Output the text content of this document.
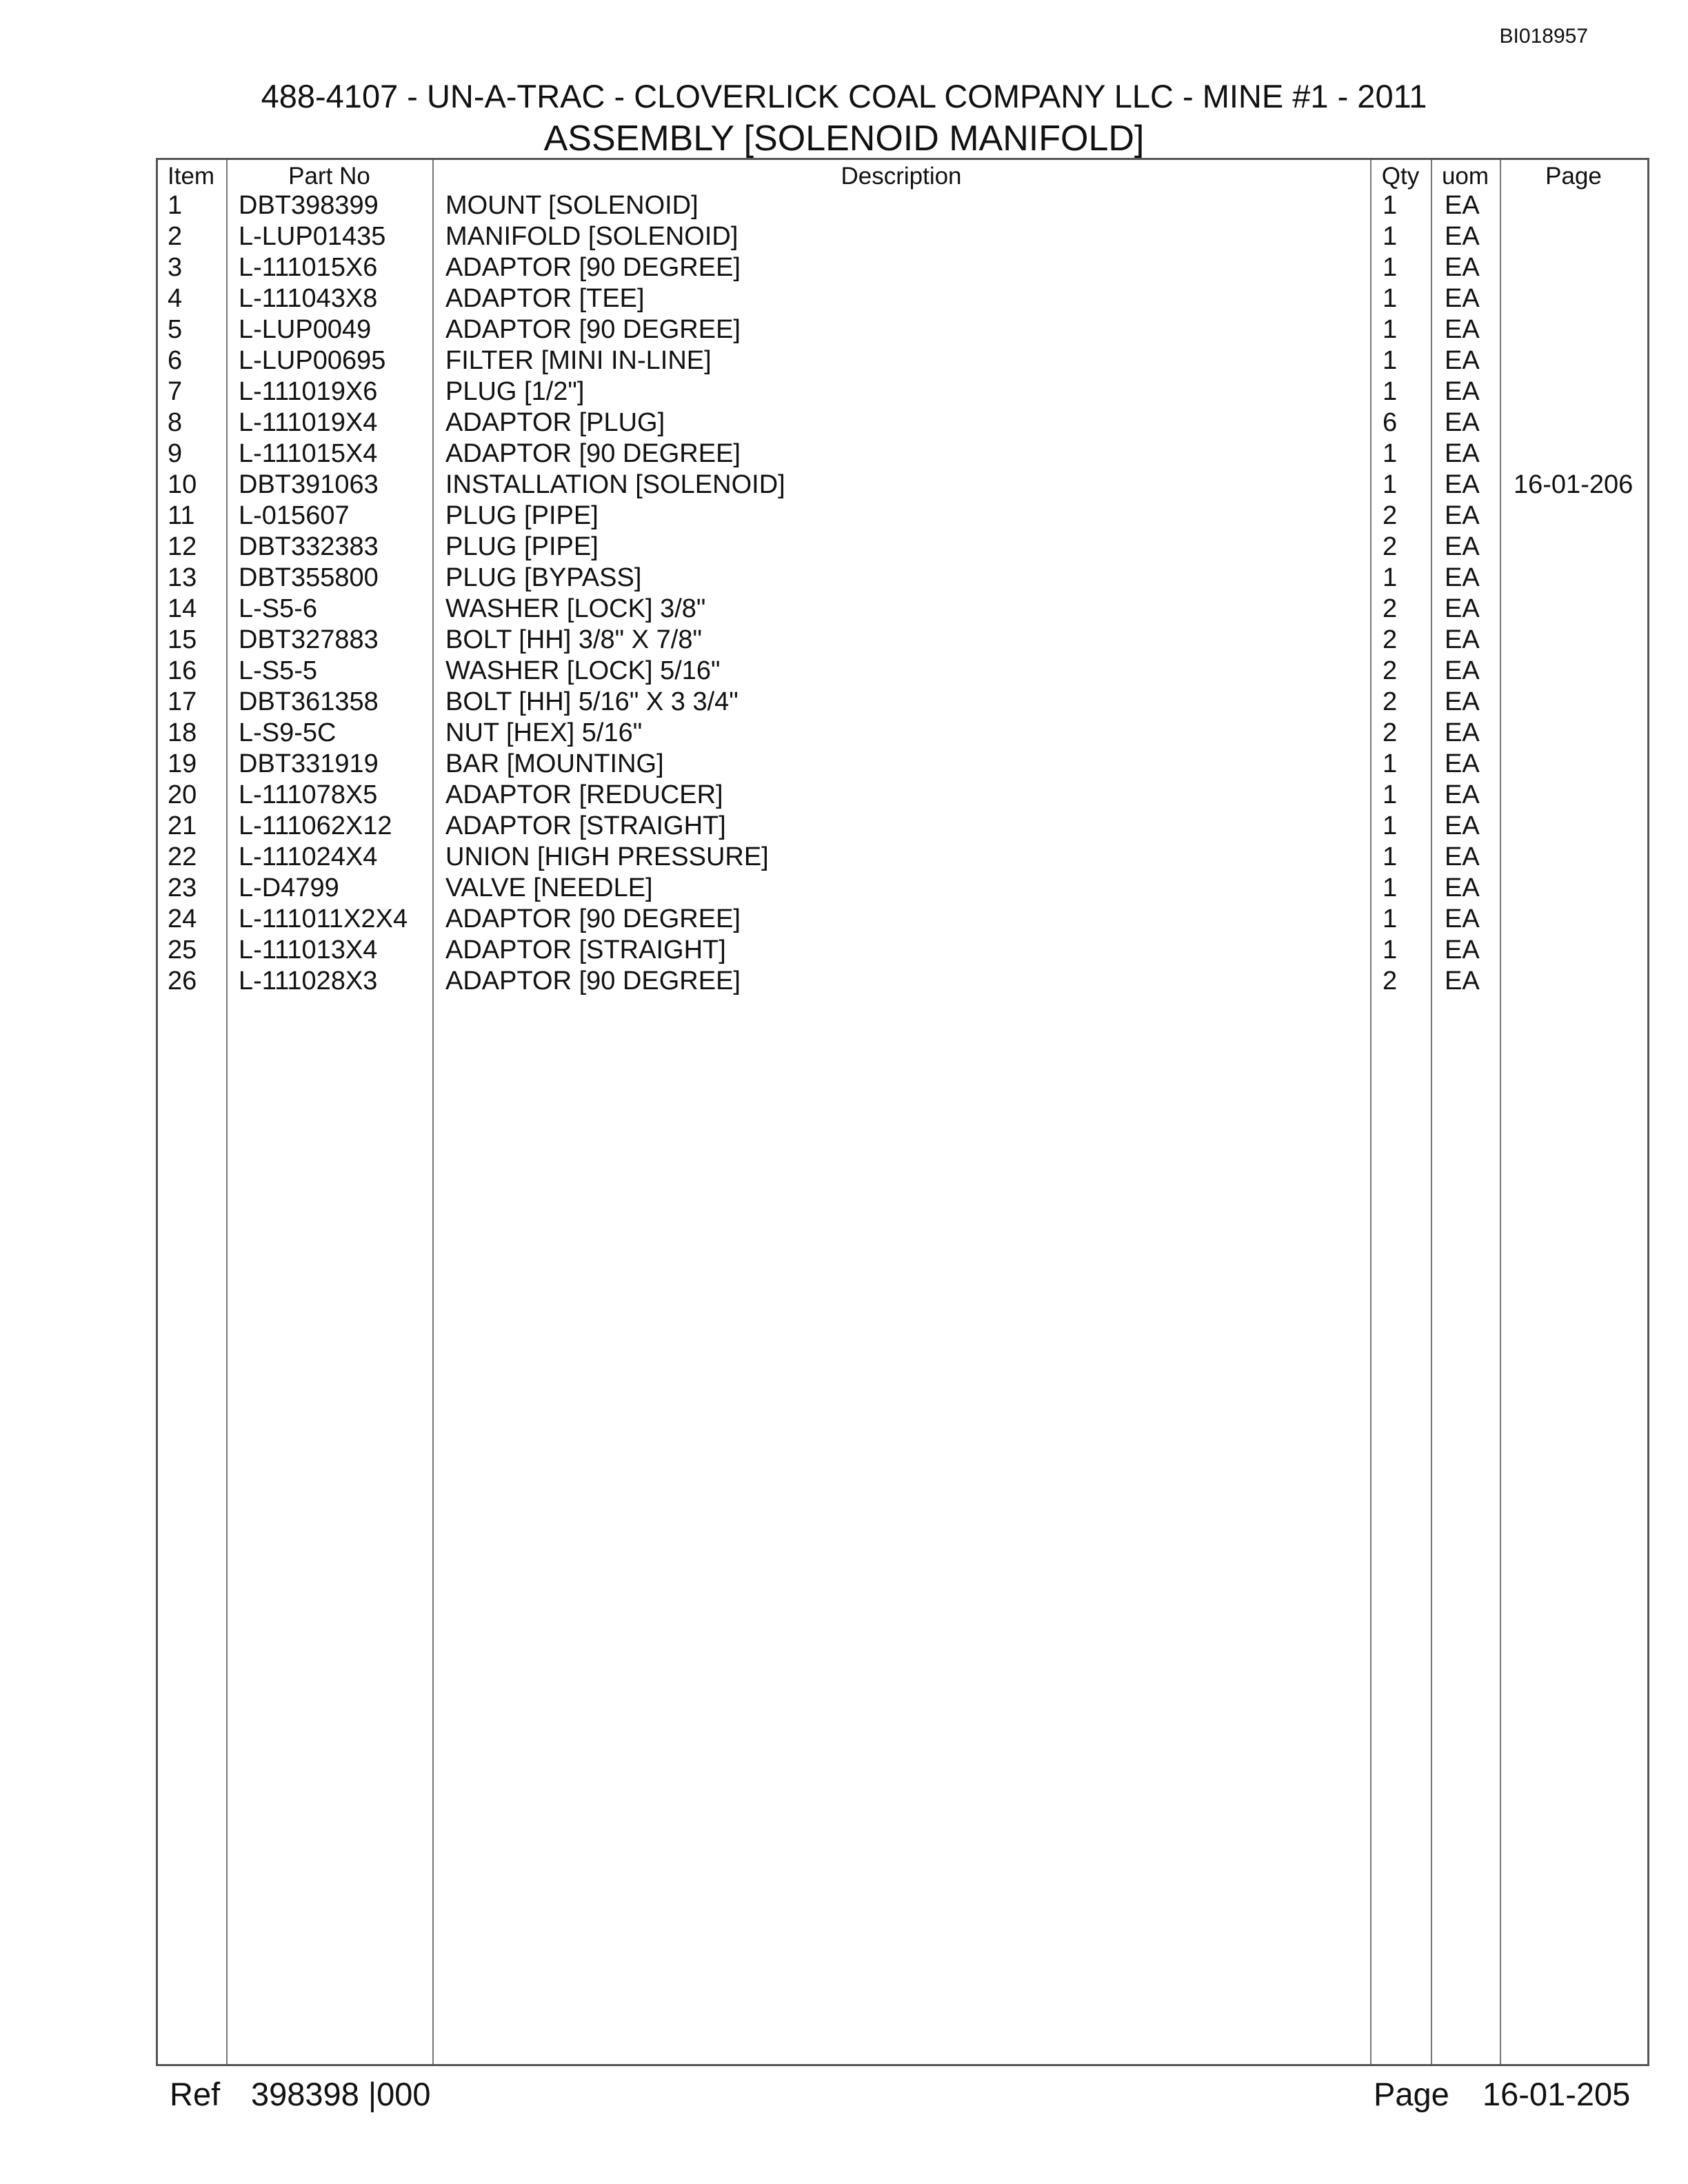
BI018957
488-4107 - UN-A-TRAC - CLOVERLICK COAL COMPANY LLC - MINE #1 - 2011
ASSEMBLY [SOLENOID MANIFOLD]
Item	Part No	Description	Qty uom	Page
1 DBT398399	MOUNT [SOLENOID]	1 EA
2 L-LUP01435 MANIFOLD [SOLENOID]	1 EA
3 L-111015X6	ADAPTOR [90 DEGREE]	1 EA
4 L-111043X8	ADAPTOR [TEE]	1 EA
5 L-LUP0049	ADAPTOR [90 DEGREE]	1 EA
6 L-LUP00695 FILTER [MINI IN-LINE]	1 EA
7 L-111019X6	PLUG [1/2"]	1 EA
8 L-111019X4	ADAPTOR [PLUG]	6 EA
9 L-111015X4	ADAPTOR [90 DEGREE]	1 EA
10 DBT391063	INSTALLATION [SOLENOID]	1 EA 16-01-206
11 L-015607	PLUG [PIPE]	2 EA
12 DBT332383	PLUG [PIPE]	2 EA
13 DBT355800	PLUG [BYPASS]	1 EA
14 L-S5-6	WASHER [LOCK] 3/8"	2 EA
15 DBT327883	BOLT [HH] 3/8" X 7/8"	2 EA
16 L-S5-5	WASHER [LOCK] 5/16"	2 EA
17 DBT361358	BOLT [HH] 5/16" X 3 3/4"	2 EA
18 L-S9-5C	NUT [HEX] 5/16"	2 EA
19 DBT331919	BAR [MOUNTING]	1 EA
20 L-111078X5	ADAPTOR [REDUCER]	1 EA
21 L-111062X12 ADAPTOR [STRAIGHT]	1 EA
22 L-111024X4	UNION [HIGH PRESSURE]	1 EA
23 L-D4799	VALVE [NEEDLE]	1 EA
24 L-111011X2X4 ADAPTOR [90 DEGREE]	1 EA
25 L-111013X4	ADAPTOR [STRAIGHT]	1 EA
26 L-111028X3	ADAPTOR [90 DEGREE]	2 EA
Ref 398398 |000	Page 16-01-205
